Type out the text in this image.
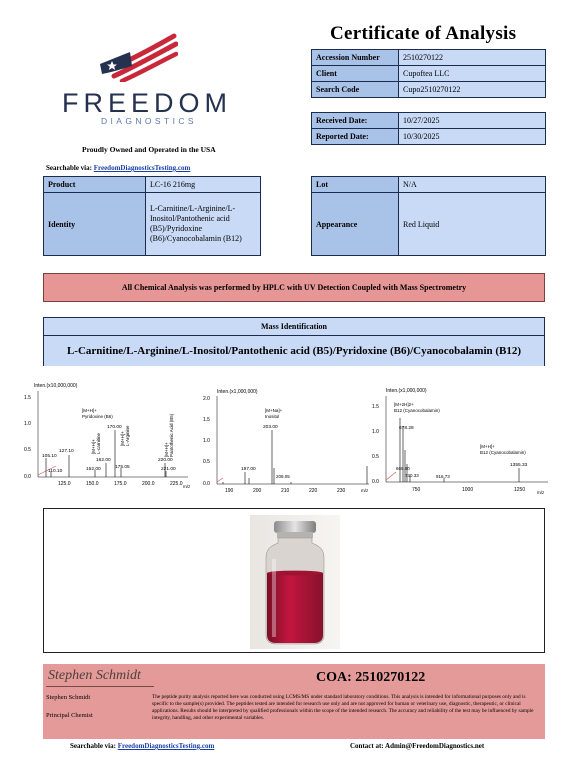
FREEDOM
DIAGNOSTICS
Proudly Owned and Operated in the USA
Searchable via: FreedomDiagnosticsTesting.com
Certificate of Analysis
Accession Number	2510270122
Client	Cupoftea LLC
Search Code	Cupo2510270122
Received Date:	10/27/2025
Reported Date:	10/30/2025
Product	LC-16 216mg
Identity	L-Carnitine/L-Arginine/L-Inositol/Pantothenic acid (B5)/Pyridoxine (B6)/Cyanocobalamin (B12)
Lot	N/A
Appearance	Red Liquid
All Chemical Analysis was performed by HPLC with UV Detection Coupled with Mass Spectrometry
Mass Identification
L-Carnitine/L-Arginine/L-Inositol/Pantothenic acid (B5)/Pyridoxine (B6)/Cyanocobalamin (B12)
Inten.(x10,000,000)
1.5
1.0
0.5
0.0
125.0	150.0	175.0	200.0	225.0 m/z
105.10
127.10
110.10	152.00
162.00
170.00
175.05
220.00
221.00
[M+H]+ Pyridoxine (B6)
[M+H]+L-carnitine	[M+H]+L-Arginine
[M+H]+Pantothenic Acid (B5)
Inten.(x1,000,000)
2.0
1.5
1.0
0.5
0.0
190	200	210	220	230	m/z
203.00
197.00
209.05
[M+Na]+ Inositol
Inten.(x1,000,000)
1.5
1.0
0.5
0.0
750	1000	1250	m/z
678.28
665.80
730.33	916.73
1355.33
[M+2H]2+ B12 (Cyanocobalamin)
[M+H]+ B12 (Cyanocobalamin)
Stephen Schmidt	COA: 2510270122
Stephen Schmidt
Principal Chemist
The peptide purity analysis reported here was conducted using LCMS/MS under standard laboratory conditions. This analysis is intended for informational purposes only and is specific to the sample(s) provided. The peptides tested are intended for research use only and are not approved for human or veterinary use, diagnostic, therapeutic, or clinical applications. Results should be interpreted by qualified professionals within the scope of the intended research. The accuracy and reliability of the test may be influenced by sample integrity, handling, and other experimental variables.
Searchable via: FreedomDiagnosticsTesting.com	Contact at: Admin@FreedomDiagnostics.net
